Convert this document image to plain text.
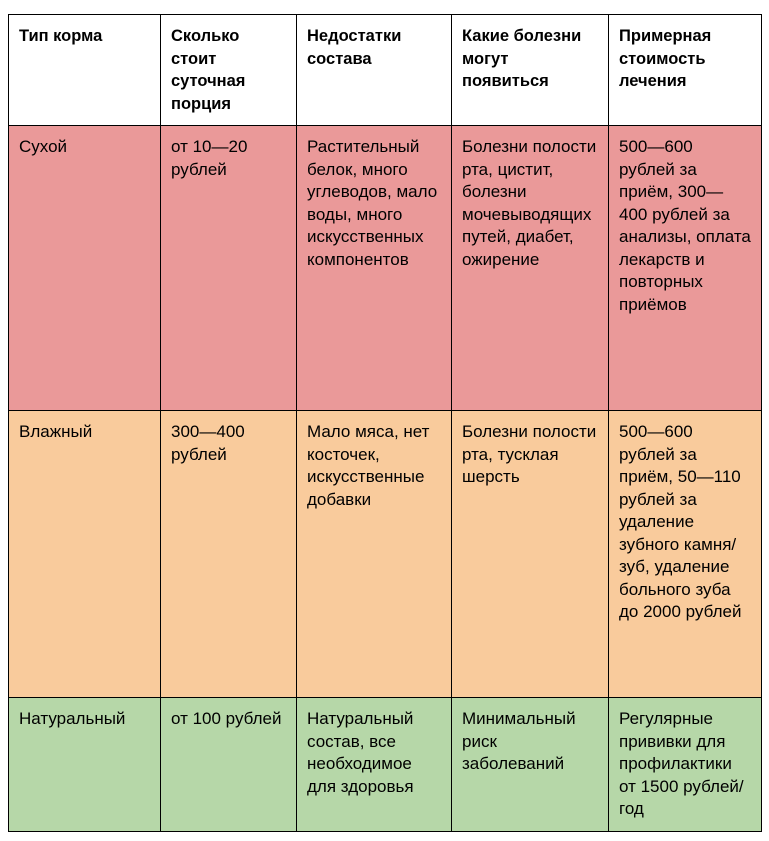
Тип корма	Сколько стоит суточная порция	Недостатки состава	Какие болезни могут появиться	Примерная стоимость лечения
Сухой	от 10—20 рублей	Растительный белок, много углеводов, мало воды, много искусственных компонентов	Болезни полости рта, цистит, болезни мочевыводящих путей, диабет, ожирение	500—600 рублей за приём, 300—400 рублей за анализы, оплата лекарств и повторных приёмов
Влажный	300—400 рублей	Мало мяса, нет косточек, искусственные добавки	Болезни полости рта, тусклая шерсть	500—600 рублей за приём, 50—110 рублей за удаление зубного камня/зуб, удаление больного зуба до 2000 рублей
Натуральный	от 100 рублей	Натуральный состав, все необходимое для здоровья	Минимальный риск заболеваний	Регулярные прививки для профилактики от 1500 рублей/год
